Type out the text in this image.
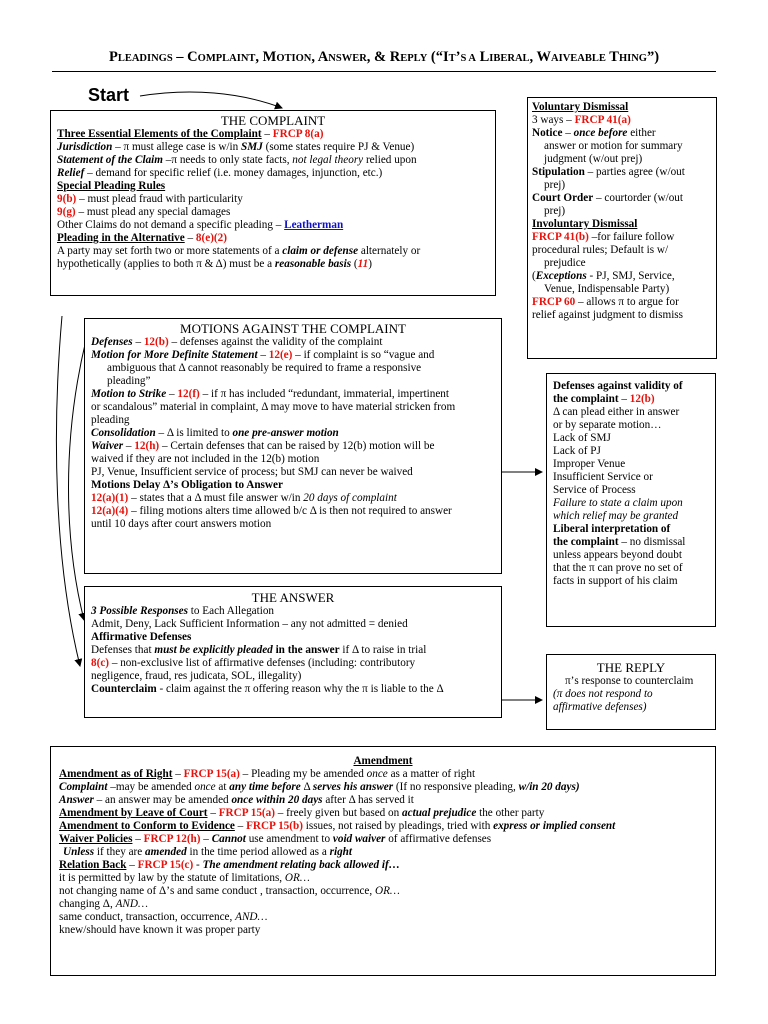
PLEADINGS – COMPLAINT, MOTION, ANSWER, & REPLY (“IT’S A LIBERAL, WAIVEABLE THING”)
Start
THE COMPLAINT
Three Essential Elements of the Complaint – FRCP 8(a)
Jurisdiction – π must allege case is w/in SMJ (some states require PJ & Venue)
Statement of the Claim –π needs to only state facts, not legal theory relied upon
Relief – demand for specific relief (i.e. money damages, injunction, etc.)
Special Pleading Rules
9(b) – must plead fraud with particularity
9(g) – must plead any special damages
Other Claims do not demand a specific pleading – Leatherman
Pleading in the Alternative – 8(e)(2)
A party may set forth two or more statements of a claim or defense alternately or
hypothetically (applies to both π & Δ) must be a reasonable basis (11)
Voluntary Dismissal
3 ways – FRCP 41(a)
Notice – once before either
answer or motion for summary
judgment (w/out prej)
Stipulation – parties agree (w/out
prej)
Court Order – courtorder (w/out
prej)
Involuntary Dismissal
FRCP 41(b) –for failure follow
procedural rules; Default is w/
prejudice
(Exceptions - PJ, SMJ, Service,
Venue, Indispensable Party)
FRCP 60 – allows π to argue for
relief against judgment to dismiss
MOTIONS AGAINST THE COMPLAINT
Defenses – 12(b) – defenses against the validity of the complaint
Motion for More Definite Statement – 12(e) – if complaint is so “vague and
ambiguous that Δ cannot reasonably be required to frame a responsive
pleading”
Motion to Strike – 12(f) – if π has included “redundant, immaterial, impertinent
or scandalous” material in complaint, Δ may move to have material stricken from
pleading
Consolidation – Δ is limited to one pre-answer motion
Waiver – 12(h) – Certain defenses that can be raised by 12(b) motion will be
waived if they are not included in the 12(b) motion
PJ, Venue, Insufficient service of process; but SMJ can never be waived
Motions Delay Δ’s Obligation to Answer
12(a)(1) – states that a Δ must file answer w/in 20 days of complaint
12(a)(4) – filing motions alters time allowed b/c Δ is then not required to answer
until 10 days after court answers motion
Defenses against validity of
the complaint – 12(b)
Δ can plead either in answer
or by separate motion…
Lack of SMJ
Lack of PJ
Improper Venue
Insufficient Service or
Service of Process
Failure to state a claim upon
which relief may be granted
Liberal interpretation of
the complaint – no dismissal
unless appears beyond doubt
that the π can prove no set of
facts in support of his claim
THE ANSWER
3 Possible Responses to Each Allegation
Admit, Deny, Lack Sufficient Information – any not admitted = denied
Affirmative Defenses
Defenses that must be explicitly pleaded in the answer if Δ to raise in trial
8(c) – non-exclusive list of affirmative defenses (including: contributory
negligence, fraud, res judicata, SOL, illegality)
Counterclaim - claim against the π offering reason why the π is liable to the Δ
THE REPLY
π’s response to counterclaim
(π does not respond to
affirmative defenses)
Amendment
Amendment as of Right – FRCP 15(a) – Pleading my be amended once as a matter of right
Complaint –may be amended once at any time before Δ serves his answer (If no responsive pleading, w/in 20 days)
Answer – an answer may be amended once within 20 days after Δ has served it
Amendment by Leave of Court – FRCP 15(a) – freely given but based on actual prejudice the other party
Amendment to Conform to Evidence – FRCP 15(b) issues, not raised by pleadings, tried with express or implied consent
Waiver Policies – FRCP 12(h) – Cannot use amendment to void waiver of affirmative defenses
Unless if they are amended in the time period allowed as a right
Relation Back – FRCP 15(c) - The amendment relating back allowed if…
it is permitted by law by the statute of limitations, OR…
not changing name of Δ’s and same conduct , transaction, occurrence, OR…
changing Δ, AND…
same conduct, transaction, occurrence, AND…
knew/should have known it was proper party
